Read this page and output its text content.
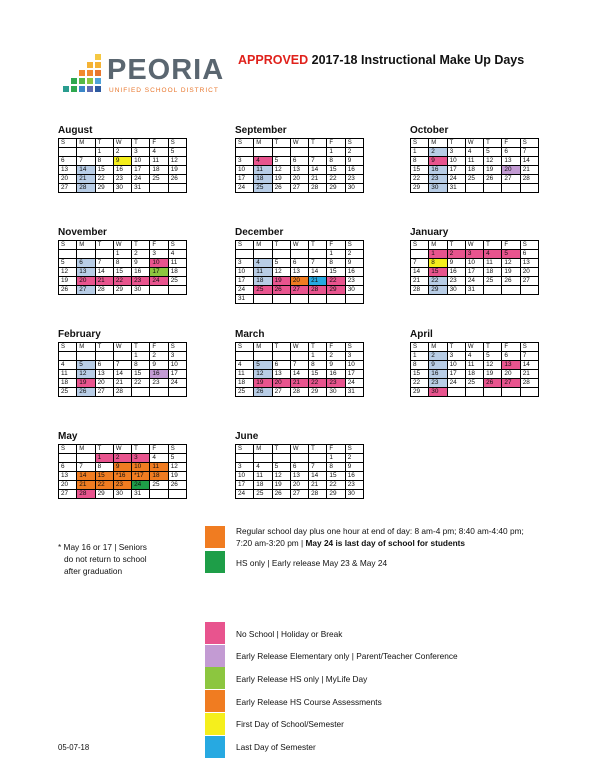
PEORIA
UNIFIED SCHOOL DISTRICT
APPROVED 2017-18 Instructional Make Up Days
August
S	M	T	W	T	F	S
		1	2	3	4	5
6	7	8	9	10	11	12
13	14	15	16	17	18	19
20	21	22	23	24	25	26
27	28	29	30	31		
September
S	M	T	W	T	F	S
					1	2
3	4	5	6	7	8	9
10	11	12	13	14	15	16
17	18	19	20	21	22	23
24	25	26	27	28	29	30
October
S	M	T	W	T	F	S
1	2	3	4	5	6	7
8	9	10	11	12	13	14
15	16	17	18	19	20	21
22	23	24	25	26	27	28
29	30	31				
November
S	M	T	W	T	F	S
			1	2	3	4
5	6	7	8	9	10	11
12	13	14	15	16	17	18
19	20	21	22	23	24	25
26	27	28	29	30		
December
S	M	T	W	T	F	S
					1	2
3	4	5	6	7	8	9
10	11	12	13	14	15	16
17	18	19	20	21	22	23
24	25	26	27	28	29	30
31						
January
S	M	T	W	T	F	S
	1	2	3	4	5	6
7	8	9	10	11	12	13
14	15	16	17	18	19	20
21	22	23	24	25	26	27
28	29	30	31			
February
S	M	T	W	T	F	S
				1	2	3
4	5	6	7	8	9	10
11	12	13	14	15	16	17
18	19	20	21	22	23	24
25	26	27	28			
March
S	M	T	W	T	F	S
				1	2	3
4	5	6	7	8	9	10
11	12	13	14	15	16	17
18	19	20	21	22	23	24
25	26	27	28	29	30	31
April
S	M	T	W	T	F	S
1	2	3	4	5	6	7
8	9	10	11	12	13	14
15	16	17	18	19	20	21
22	23	24	25	26	27	28
29	30					
May
S	M	T	W	T	F	S
		1	2	3	4	5
6	7	8	9	10	11	12
13	14	15	*16	*17	18	19
20	21	22	23	24	25	26
27	28	29	30	31		
June
S	M	T	W	T	F	S
					1	2
3	4	5	6	7	8	9
10	11	12	13	14	15	16
17	18	19	20	21	22	23
24	25	26	27	28	29	30
Regular school day plus one hour at end of day: 8 am-4 pm; 8:40 am-4:40 pm;
7:20 am-3:20 pm | May 24 is last day of school for students
HS only | Early release May 23 & May 24
* May 16 or 17 | Seniors
do not return to school
after graduation
No School | Holiday or Break
Early Release Elementary only | Parent/Teacher Conference
Early Release HS only | MyLife Day
Early Release HS Course Assessments
First Day of School/Semester
Last Day of Semester
05-07-18
